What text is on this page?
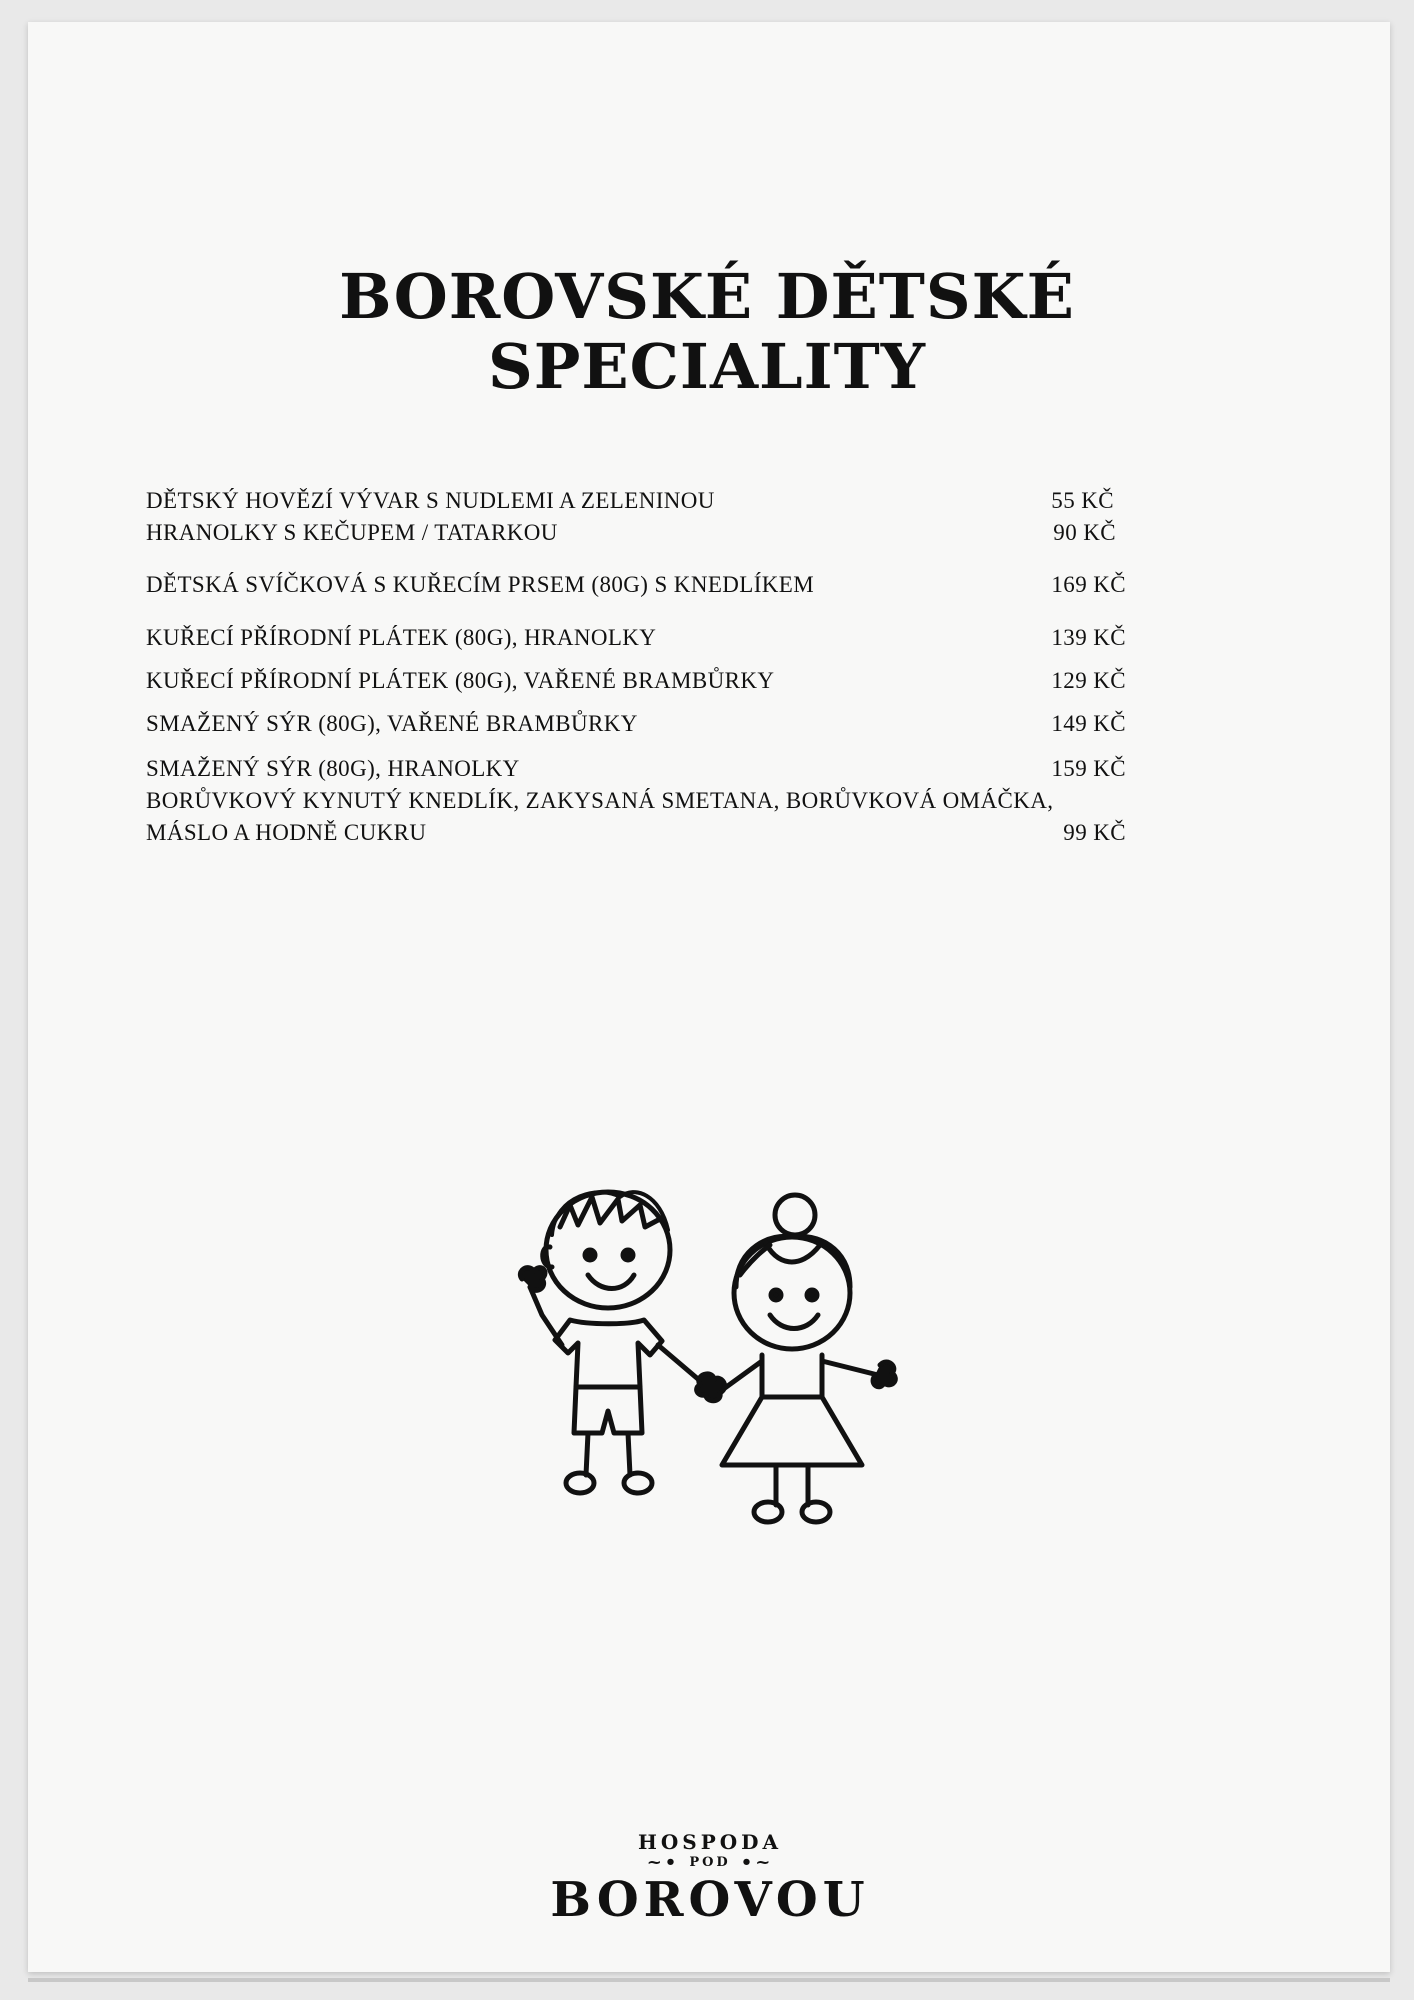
BOROVSKÉ DĚTSKÉ
SPECIALITY
DĚTSKÝ HOVĚZÍ VÝVAR S NUDLEMI A ZELENINOU	55 KČ
HRANOLKY S KEČUPEM / TATARKOU	90 KČ
DĚTSKÁ SVÍČKOVÁ S KUŘECÍM PRSEM (80G) S KNEDLÍKEM	169 KČ
KUŘECÍ PŘÍRODNÍ PLÁTEK (80G), HRANOLKY	139 KČ
KUŘECÍ PŘÍRODNÍ PLÁTEK (80G), VAŘENÉ BRAMBŮRKY	129 KČ
SMAŽENÝ SÝR (80G), VAŘENÉ BRAMBŮRKY	149 KČ
SMAŽENÝ SÝR (80G), HRANOLKY	159 KČ
BORŮVKOVÝ KYNUTÝ KNEDLÍK, ZAKYSANÁ SMETANA, BORŮVKOVÁ OMÁČKA,
MÁSLO A HODNĚ CUKRU	99 KČ
HOSPODA
~• POD •~
BOROVOU
